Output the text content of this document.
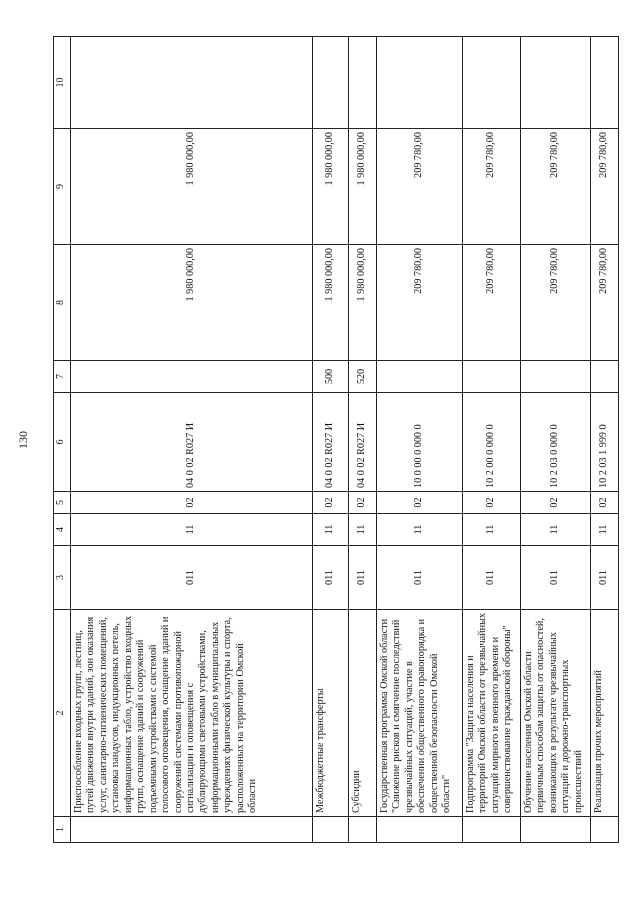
130
1	2	3	4	5	6	7	8	9	10
	Приспособление входных групп, лестниц, путей движения внутри зданий, зон оказания услуг, санитарно-гигиенических помещений, установка пандусов, индукционных петель, информационных табло, устройство входных групп, оснащение зданий и сооружений подъемными устройствами с системой голосового оповещения, оснащение зданий и сооружений системами противопожарной сигнализации и оповещения с дублирующими световыми устройствами, информационными табло в муниципальных учреждениях физической культуры и спорта, расположенных на территории Омской области	011	11	02	04 0 02 R027 И		1 980 000,00	1 980 000,00	
	Межбюджетные трансферты	011	11	02	04 0 02 R027 И	500	1 980 000,00	1 980 000,00	
	Субсидии	011	11	02	04 0 02 R027 И	520	1 980 000,00	1 980 000,00	
	Государственная программа Омской области "Снижение рисков и смягчение последствий чрезвычайных ситуаций, участие в обеспечении общественного правопорядка и общественной безопасности Омской области"	011	11	02	10 0 00 0 000 0		209 780,00	209 780,00	
	Подпрограмма "Защита населения и территорий Омской области от чрезвычайных ситуаций мирного и военного времени и совершенствование гражданской обороны"	011	11	02	10 2 00 0 000 0		209 780,00	209 780,00	
	Обучение населения Омской области первичным способам защиты от опасностей, возникающих в результате чрезвычайных ситуаций и дорожно-транспортных происшествий	011	11	02	10 2 03 0 000 0		209 780,00	209 780,00	
	Реализация прочих мероприятий	011	11	02	10 2 03 1 999 0		209 780,00	209 780,00	
